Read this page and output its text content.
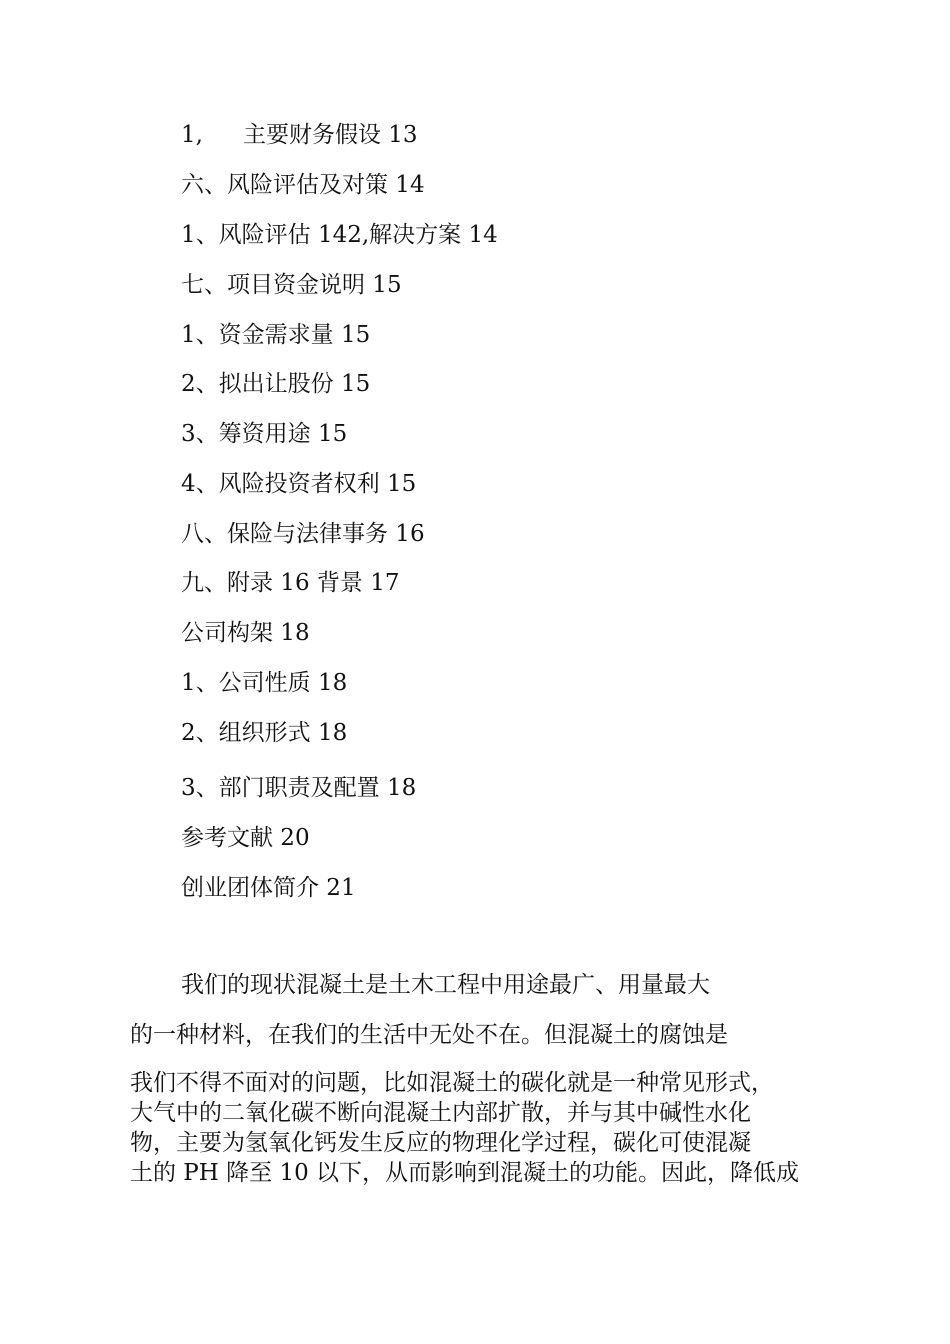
1, 主要财务假设 13
六、风险评估及对策 14
1、风险评估 142,解决方案 14
七、项目资金说明 15
1、资金需求量 15
2、拟出让股份 15
3、筹资用途 15
4、风险投资者权利 15
八、保险与法律事务 16
九、附录 16 背景 17
公司构架 18
1、公司性质 18
2、组织形式 18
3、部门职责及配置 18
参考文献 20
创业团体简介 21
我们的现状混凝土是土木工程中用途最广、用量最大
的一种材料，在我们的生活中无处不在。但混凝土的腐蚀是
我们不得不面对的问题，比如混凝土的碳化就是一种常见形式，
大气中的二氧化碳不断向混凝土内部扩散，并与其中碱性水化
物，主要为氢氧化钙发生反应的物理化学过程，碳化可使混凝
土的 PH 降至 10 以下，从而影响到混凝土的功能。因此，降低成
